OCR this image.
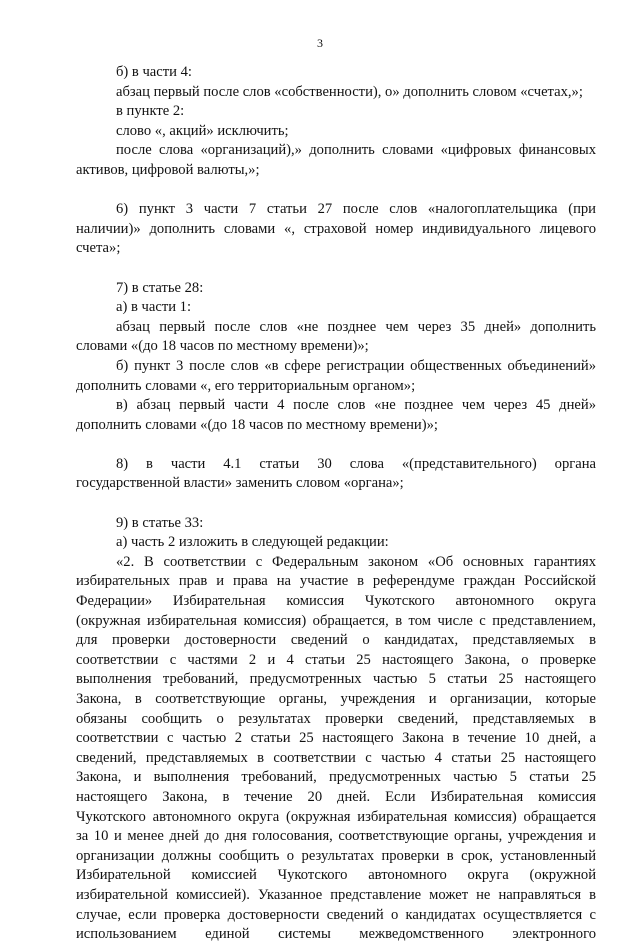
3
б) в части 4:
абзац первый после слов «собственности), о» дополнить словом «счетах,»;
в пункте 2:
слово «, акций» исключить;
после слова «организаций),» дополнить словами «цифровых финансовых
активов, цифровой валюты,»;
6) пункт 3 части 7 статьи 27 после слов «налогоплательщика (при
наличии)» дополнить словами «, страховой номер индивидуального лицевого
счета»;
7) в статье 28:
а) в части 1:
абзац первый после слов «не позднее чем через 35 дней» дополнить
словами «(до 18 часов по местному времени)»;
б) пункт 3 после слов «в сфере регистрации общественных объединений»
дополнить словами «, его территориальным органом»;
в) абзац первый части 4 после слов «не позднее чем через 45 дней»
дополнить словами «(до 18 часов по местному времени)»;
8) в части 4.1 статьи 30 слова «(представительного) органа
государственной власти» заменить словом «органа»;
9) в статье 33:
а) часть 2 изложить в следующей редакции:
«2. В соответствии с Федеральным законом «Об основных гарантиях
избирательных прав и права на участие в референдуме граждан Российской
Федерации» Избирательная комиссия Чукотского автономного округа
(окружная избирательная комиссия) обращается, в том числе с представлением,
для проверки достоверности сведений о кандидатах, представляемых в
соответствии с частями 2 и 4 статьи 25 настоящего Закона, о проверке
выполнения требований, предусмотренных частью 5 статьи 25 настоящего
Закона, в соответствующие органы, учреждения и организации, которые
обязаны сообщить о результатах проверки сведений, представляемых в
соответствии с частью 2 статьи 25 настоящего Закона в течение 10 дней, а
сведений, представляемых в соответствии с частью 4 статьи 25 настоящего
Закона, и выполнения требований, предусмотренных частью 5 статьи 25
настоящего Закона, в течение 20 дней. Если Избирательная комиссия
Чукотского автономного округа (окружная избирательная комиссия) обращается
за 10 и менее дней до дня голосования, соответствующие органы, учреждения и
организации должны сообщить о результатах проверки в срок, установленный
Избирательной комиссией Чукотского автономного округа (окружной
избирательной комиссией). Указанное представление может не направляться в
случае, если проверка достоверности сведений о кандидатах осуществляется с
использованием единой системы межведомственного электронного
